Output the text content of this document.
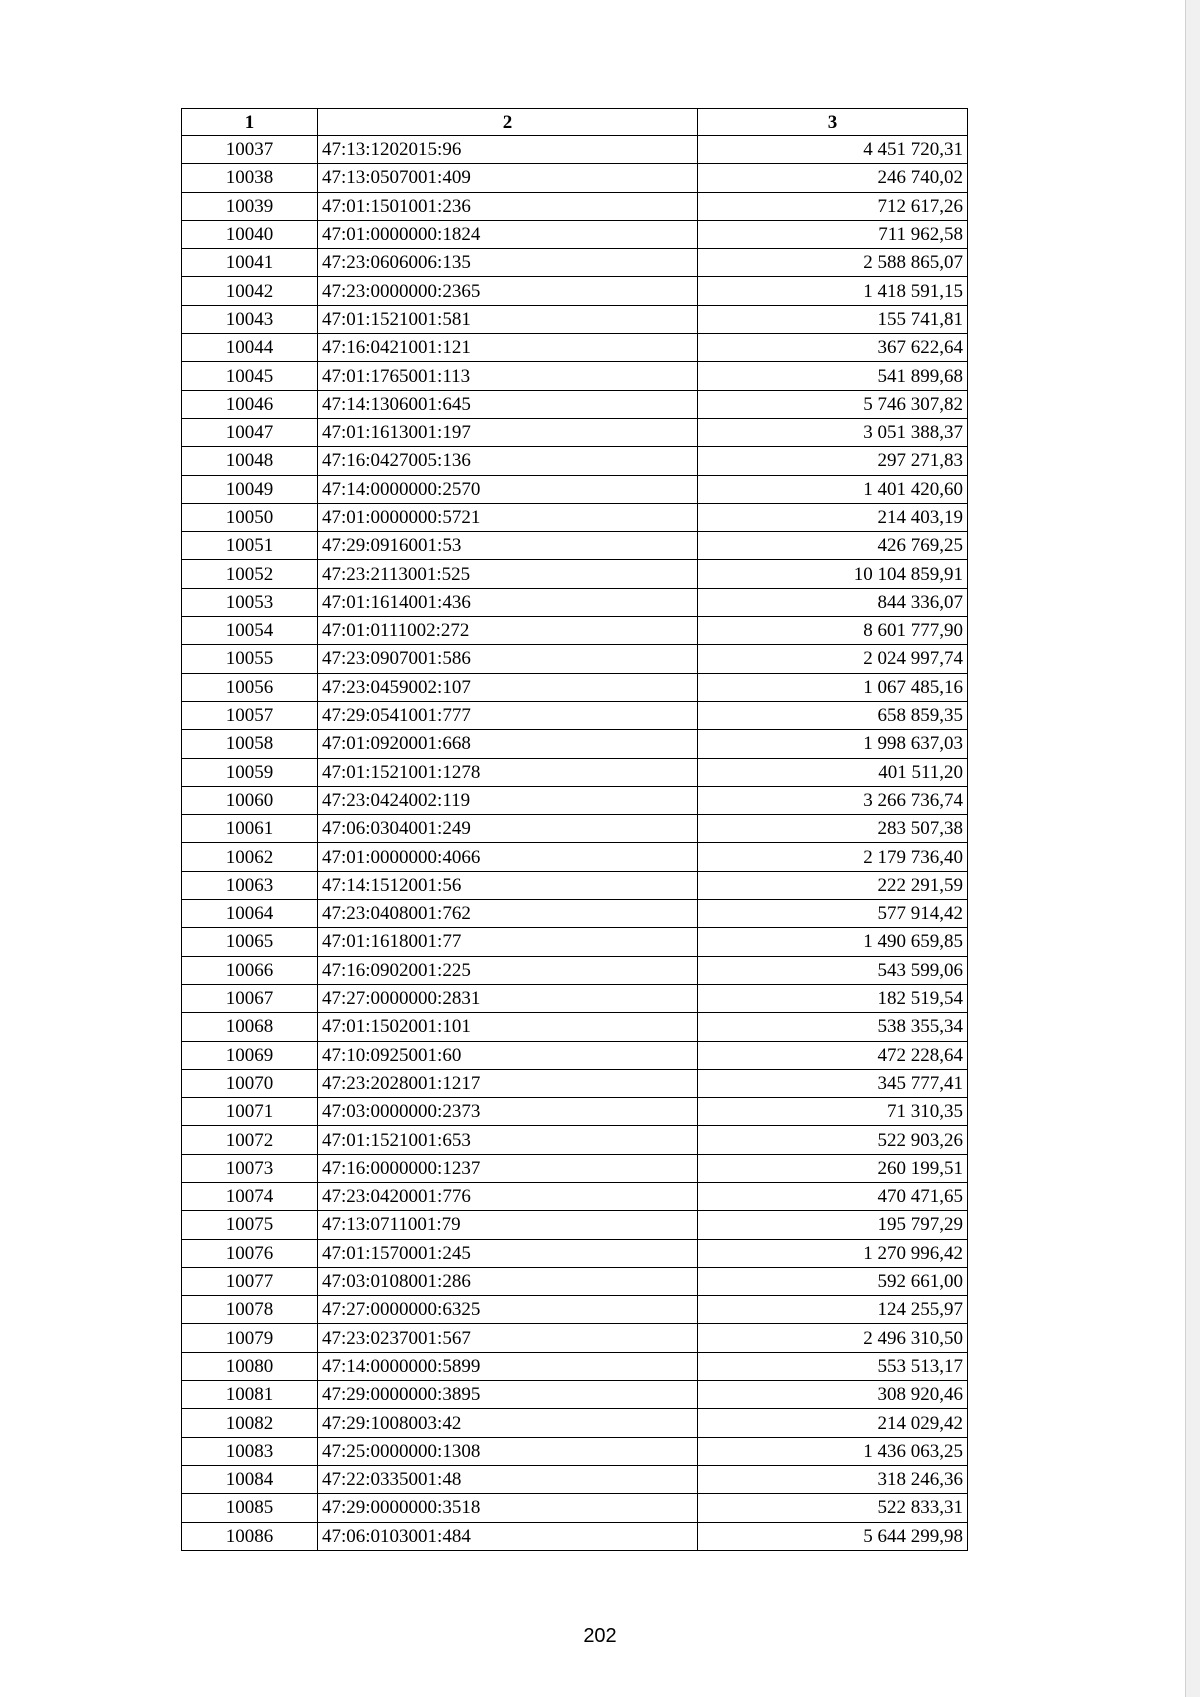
1	2	3
10037	47:13:1202015:96	4 451 720,31
10038	47:13:0507001:409	246 740,02
10039	47:01:1501001:236	712 617,26
10040	47:01:0000000:1824	711 962,58
10041	47:23:0606006:135	2 588 865,07
10042	47:23:0000000:2365	1 418 591,15
10043	47:01:1521001:581	155 741,81
10044	47:16:0421001:121	367 622,64
10045	47:01:1765001:113	541 899,68
10046	47:14:1306001:645	5 746 307,82
10047	47:01:1613001:197	3 051 388,37
10048	47:16:0427005:136	297 271,83
10049	47:14:0000000:2570	1 401 420,60
10050	47:01:0000000:5721	214 403,19
10051	47:29:0916001:53	426 769,25
10052	47:23:2113001:525	10 104 859,91
10053	47:01:1614001:436	844 336,07
10054	47:01:0111002:272	8 601 777,90
10055	47:23:0907001:586	2 024 997,74
10056	47:23:0459002:107	1 067 485,16
10057	47:29:0541001:777	658 859,35
10058	47:01:0920001:668	1 998 637,03
10059	47:01:1521001:1278	401 511,20
10060	47:23:0424002:119	3 266 736,74
10061	47:06:0304001:249	283 507,38
10062	47:01:0000000:4066	2 179 736,40
10063	47:14:1512001:56	222 291,59
10064	47:23:0408001:762	577 914,42
10065	47:01:1618001:77	1 490 659,85
10066	47:16:0902001:225	543 599,06
10067	47:27:0000000:2831	182 519,54
10068	47:01:1502001:101	538 355,34
10069	47:10:0925001:60	472 228,64
10070	47:23:2028001:1217	345 777,41
10071	47:03:0000000:2373	71 310,35
10072	47:01:1521001:653	522 903,26
10073	47:16:0000000:1237	260 199,51
10074	47:23:0420001:776	470 471,65
10075	47:13:0711001:79	195 797,29
10076	47:01:1570001:245	1 270 996,42
10077	47:03:0108001:286	592 661,00
10078	47:27:0000000:6325	124 255,97
10079	47:23:0237001:567	2 496 310,50
10080	47:14:0000000:5899	553 513,17
10081	47:29:0000000:3895	308 920,46
10082	47:29:1008003:42	214 029,42
10083	47:25:0000000:1308	1 436 063,25
10084	47:22:0335001:48	318 246,36
10085	47:29:0000000:3518	522 833,31
10086	47:06:0103001:484	5 644 299,98
202
